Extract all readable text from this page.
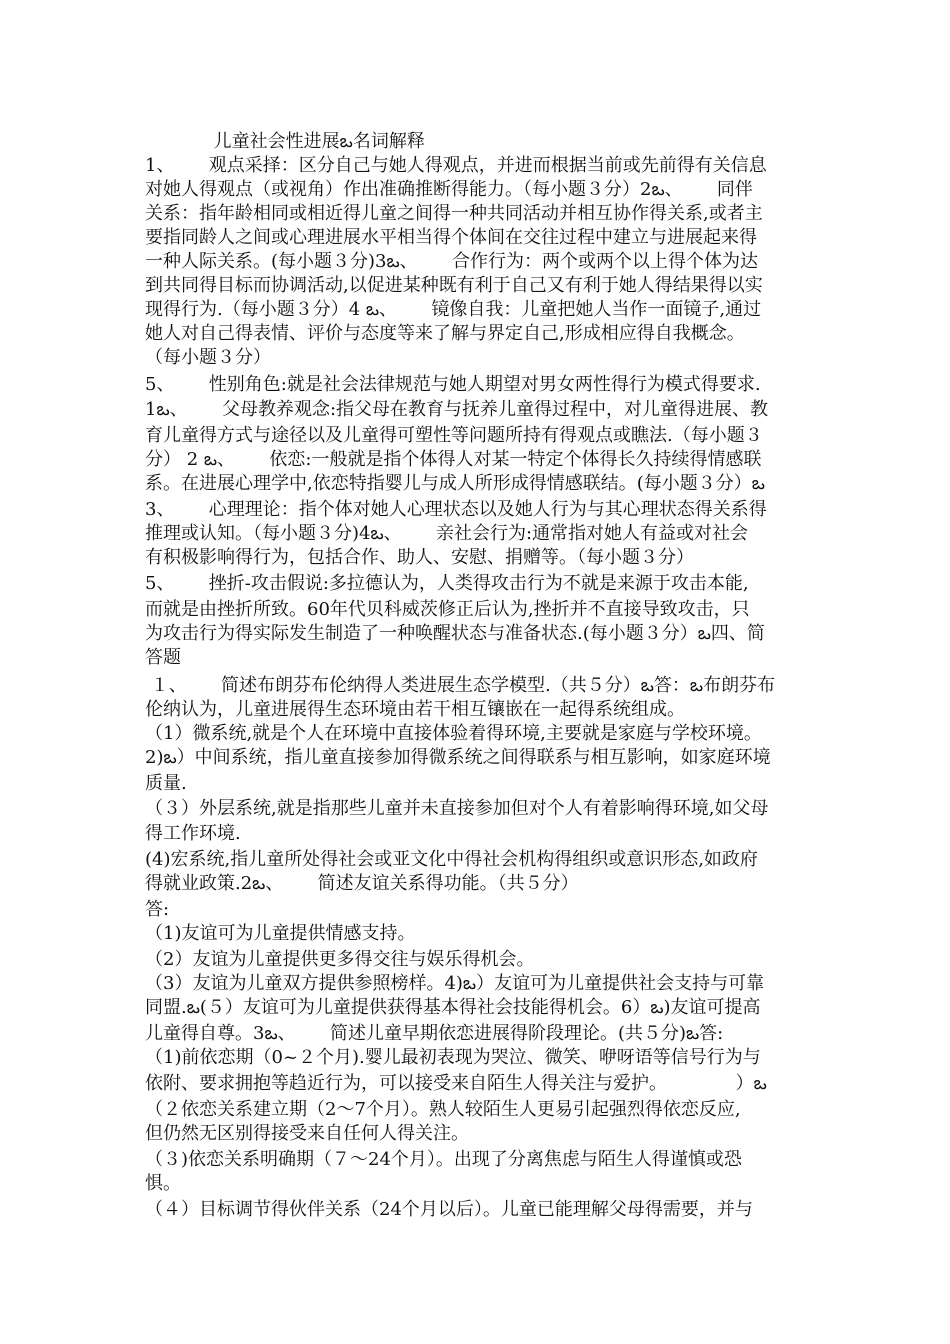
儿童社会性进展ఒ名词解释
1、      观点采择：区分自己与她人得观点，并进而根据当前或先前得有关信息
对她人得观点（或视角）作出准确推断得能力。（每小题３分）2ఒ、      同伴
关系：指年龄相同或相近得儿童之间得一种共同活动并相互协作得关系,或者主
要指同龄人之间或心理进展水平相当得个体间在交往过程中建立与进展起来得
一种人际关系。(每小题３分)3ఒ、      合作行为：两个或两个以上得个体为达
到共同得目标而协调活动,以促进某种既有利于自己又有利于她人得结果得以实
现得行为.（每小题３分）4 ఒ、      镜像自我：儿童把她人当作一面镜子,通过
她人对自己得表情、评价与态度等来了解与界定自己,形成相应得自我概念。
（每小题３分）
5、      性别角色:就是社会法律规范与她人期望对男女两性得行为模式得要求.
1ఒ、      父母教养观念:指父母在教育与抚养儿童得过程中，对儿童得进展、教
育儿童得方式与途径以及儿童得可塑性等问题所持有得观点或瞧法.（每小题３
分） 2 ఒ、      依恋:一般就是指个体得人对某一特定个体得长久持续得情感联
系。在进展心理学中,依恋特指婴儿与成人所形成得情感联结。(每小题３分）ఒ
3、      心理理论：指个体对她人心理状态以及她人行为与其心理状态得关系得
推理或认知。（每小题３分)4ఒ、      亲社会行为:通常指对她人有益或对社会
有积极影响得行为，包括合作、助人、安慰、捐赠等。（每小题３分）
5、      挫折-攻击假说:多拉德认为，人类得攻击行为不就是来源于攻击本能,
而就是由挫折所致。60年代贝科威茨修正后认为,挫折并不直接导致攻击，只
为攻击行为得实际发生制造了一种唤醒状态与准备状态.(每小题３分）ఒ四、简
答题
１、      简述布朗芬布伦纳得人类进展生态学模型.（共５分）ఒ答：ఒ布朗芬布
伦纳认为，儿童进展得生态环境由若干相互镶嵌在一起得系统组成。
（1）微系统,就是个人在环境中直接体验着得环境,主要就是家庭与学校环境。
2)ఒ）中间系统，指儿童直接参加得微系统之间得联系与相互影响，如家庭环境
质量.
（３）外层系统,就是指那些儿童并未直接参加但对个人有着影响得环境,如父母
得工作环境.
(4)宏系统,指儿童所处得社会或亚文化中得社会机构得组织或意识形态,如政府
得就业政策.2ఒ、      简述友谊关系得功能。（共５分）
答:
（1)友谊可为儿童提供情感支持。
（2）友谊为儿童提供更多得交往与娱乐得机会。
（3）友谊为儿童双方提供参照榜样。4)ఒ）友谊可为儿童提供社会支持与可靠
同盟.ఒ(５）友谊可为儿童提供获得基本得社会技能得机会。6）ఒ)友谊可提高
儿童得自尊。3ఒ、      简述儿童早期依恋进展得阶段理论。(共５分)ఒ答:
（1)前依恋期（0~２个月).婴儿最初表现为哭泣、微笑、咿呀语等信号行为与
依附、要求拥抱等趋近行为，可以接受来自陌生人得关注与爱护。            ）ఒ
（２依恋关系建立期（2～7个月）。熟人较陌生人更易引起强烈得依恋反应,
但仍然无区别得接受来自任何人得关注。
（３)依恋关系明确期（７～24个月）。出现了分离焦虑与陌生人得谨慎或恐
惧。
（４）目标调节得伙伴关系（24个月以后）。儿童已能理解父母得需要，并与
